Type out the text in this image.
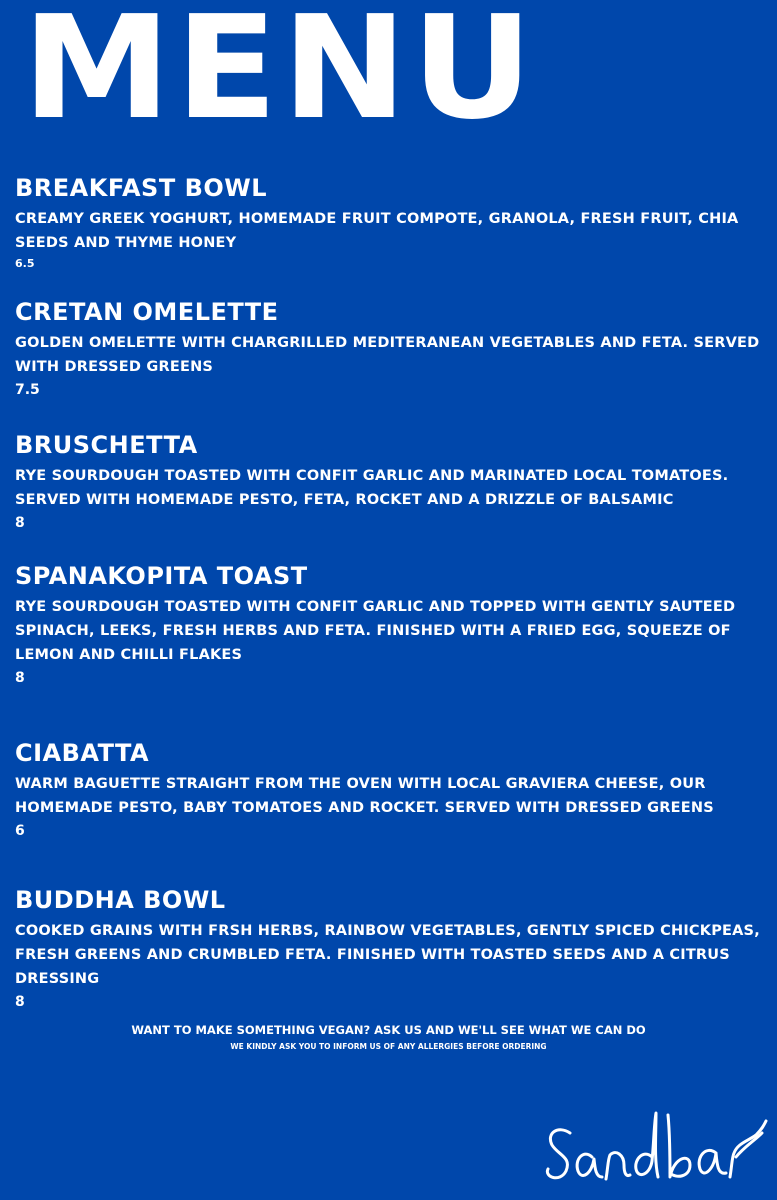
MENU
BREAKFAST BOWL

CREAMY GREEK YOGHURT, HOMEMADE FRUIT COMPOTE, GRANOLA, FRESH FRUIT, CHIA SEEDS AND THYME HONEY

6.5

CRETAN OMELETTE

GOLDEN OMELETTE WITH CHARGRILLED MEDITERANEAN VEGETABLES AND FETA. SERVED WITH DRESSED GREENS

7.5

BRUSCHETTA

RYE SOURDOUGH TOASTED WITH CONFIT GARLIC AND MARINATED LOCAL TOMATOES. SERVED WITH HOMEMADE PESTO, FETA, ROCKET AND A DRIZZLE OF BALSAMIC

8

SPANAKOPITA TOAST

RYE SOURDOUGH TOASTED WITH CONFIT GARLIC AND TOPPED WITH GENTLY SAUTEED SPINACH, LEEKS, FRESH HERBS AND FETA. FINISHED WITH A FRIED EGG, SQUEEZE OF LEMON AND CHILLI FLAKES

8

CIABATTA

WARM BAGUETTE STRAIGHT FROM THE OVEN WITH LOCAL GRAVIERA CHEESE, OUR HOMEMADE PESTO, BABY TOMATOES AND ROCKET. SERVED WITH DRESSED GREENS

6

BUDDHA BOWL

COOKED GRAINS WITH FRSH HERBS, RAINBOW VEGETABLES, GENTLY SPICED CHICKPEAS, FRESH GREENS AND CRUMBLED FETA. FINISHED WITH TOASTED SEEDS AND A CITRUS DRESSING

8

WANT TO MAKE SOMETHING VEGAN? ASK US AND WE'LL SEE WHAT WE CAN DO
WE KINDLY ASK YOU TO INFORM US OF ANY ALLERGIES BEFORE ORDERING
